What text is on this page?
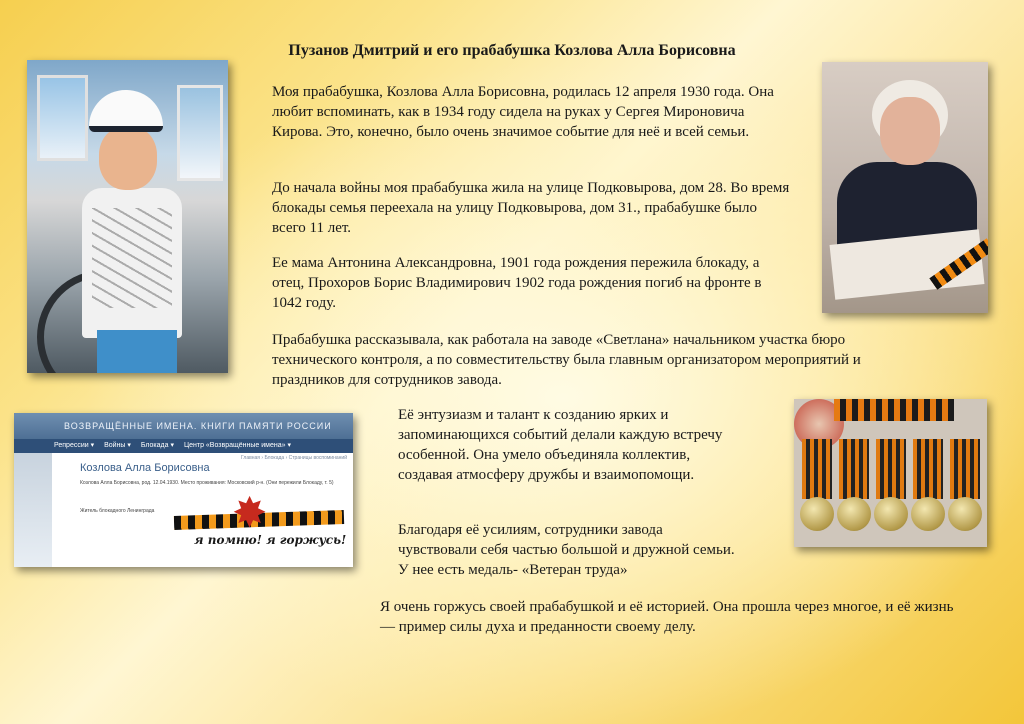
Пузанов Дмитрий и его прабабушка Козлова Алла Борисовна
ВОЗВРАЩЁННЫЕ ИМЕНА. КНИГИ ПАМЯТИ РОССИИ
Репрессии ▾ Войны ▾ Блокада ▾ Центр «Возвращённые имена» ▾
Главная › Блокада › Страницы воспоминаний
Козлова Алла Борисовна
Козлова Алла Борисовна, род. 12.04.1930. Место проживания: Московский р-н. (Они пережили Блокаду, т. 5)
Житель блокадного Ленинграда ✸
я помню! я горжусь!
Моя прабабушка, Козлова Алла Борисовна, родилась 12 апреля 1930 года. Она любит вспоминать, как в 1934 году сидела на руках у Сергея Мироновича Кирова. Это, конечно, было очень значимое событие для неё и всей семьи.
До начала войны моя прабабушка жила на улице Подковырова, дом 28. Во время блокады семья переехала на улицу Подковырова, дом 31., прабабушке было всего 11 лет.
Ее мама Антонина Александровна, 1901 года рождения пережила блокаду, а отец, Прохоров Борис Владимирович 1902 года рождения погиб на фронте в 1042 году.
Прабабушка рассказывала, как работала на заводе «Светлана» начальником участка бюро технического контроля, а по совместительству была главным организатором мероприятий и праздников для сотрудников завода.
Её энтузиазм и талант к созданию ярких и запоминающихся событий делали каждую встречу особенной. Она умело объединяла коллектив, создавая атмосферу дружбы и взаимопомощи.
Благодаря её усилиям, сотрудники завода чувствовали себя частью большой и дружной семьи. У нее есть медаль- «Ветеран труда»
Я очень горжусь своей прабабушкой и её историей. Она прошла через многое, и её жизнь — пример силы духа и преданности своему делу.
